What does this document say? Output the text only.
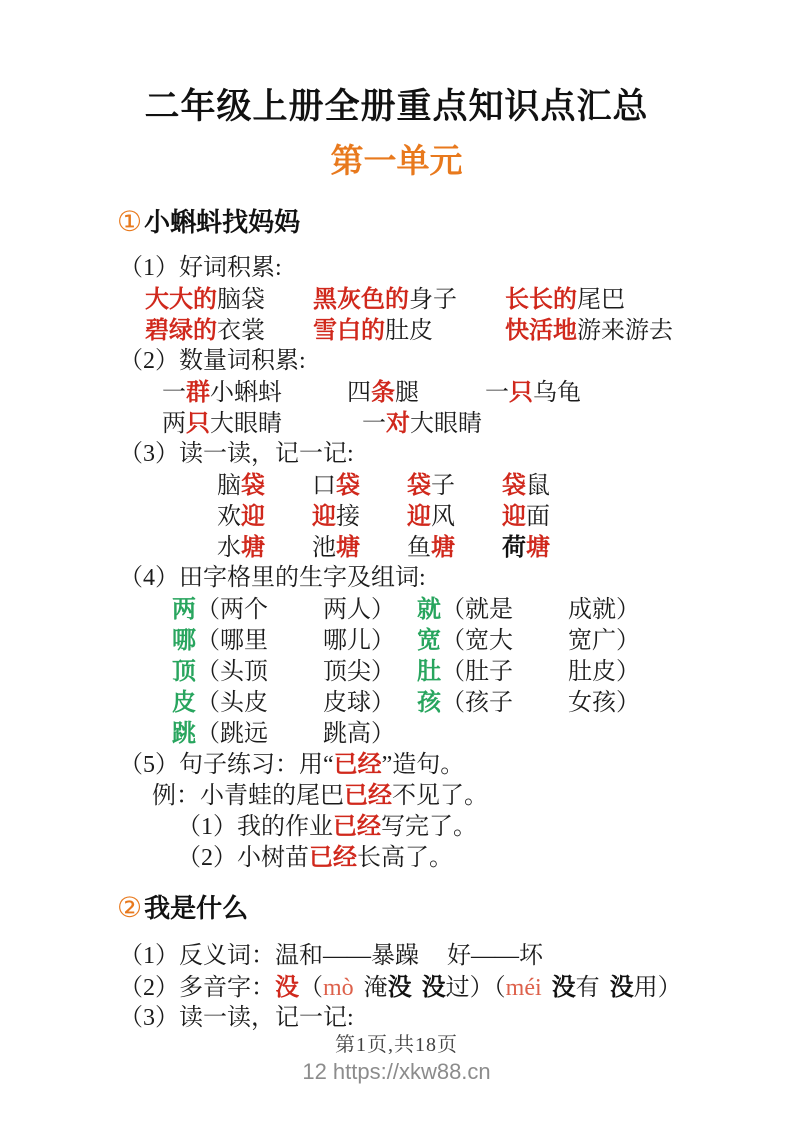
二年级上册全册重点知识点汇总
第一单元
①小蝌蚪找妈妈
（1）好词积累:
大大的脑袋 黑灰色的身子 长长的尾巴
碧绿的衣裳 雪白的肚皮	快活地游来游去
（2）数量词积累:
一群小蝌蚪	四条腿	一只乌龟
两只大眼睛	一对大眼睛
（3）读一读，记一记:
脑袋 口袋 袋子 袋鼠
欢迎 迎接 迎风 迎面
水塘 池塘 鱼塘 荷塘
（4）田字格里的生字及组词:
两（两个 两人） 就（就是 成就）
哪（哪里 哪儿） 宽（宽大 宽广）
顶（头顶 顶尖） 肚（肚子 肚皮）
皮（头皮 皮球） 孩（孩子 女孩）
跳（跳远 跳高）
（5）句子练习：用“已经”造句。
例：小青蛙的尾巴已经不见了。
（1）我的作业已经写完了。
（2）小树苗已经长高了。
②我是什么
（1）反义词：温和——暴躁 好——坏
（2）多音字：没（mò 淹没 没过）（méi 没有 没用）
（3）读一读，记一记:
第1页,共18页
12 https://xkw88.cn
